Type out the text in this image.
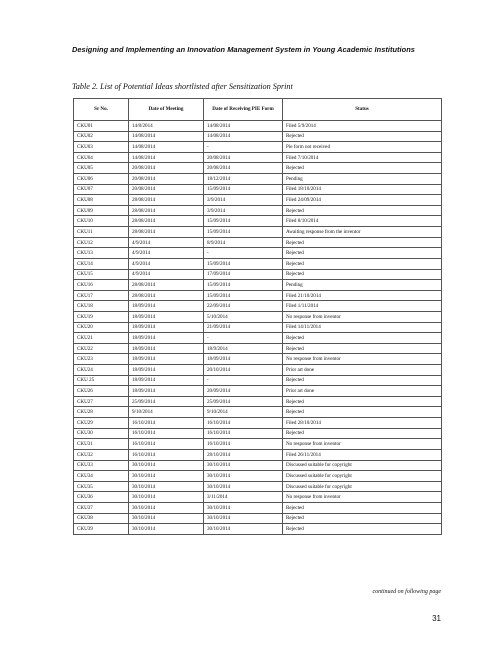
Designing and Implementing an Innovation Management System in Young Academic Institutions
Table 2. List of Potential Ideas shortlisted after Sensitization Sprint
Sr No.	Date of Meeting	Date of Receiving PIE Form	Status
CKU01	14/8/2014	14/08/2014	Filed 5/9/2014
CKU02	14/08/2014	14/08/2014	Rejected
CKU03	14/08/2014	-	Pie form not received
CKU04	14/08/2014	20/08/2014	Filed 7/10/2014
CKU05	20/08/2014	20/08/2014	Rejected
CKU06	20/08/2014	18/12/2014	Pending
CKU07	20/08/2014	15/09/2014	Filed 18/10/2014
CKU08	28/08/2014	3/9/2014	Filed 24/09/2014
CKU09	28/08/2014	3/9/2014	Rejected
CKU10	28/08/2014	15/09/2014	Filed 8/10/2014
CKU11	28/08/2014	15/09/2014	Awaiting response from the inventor
CKU12	4/9/2014	8/9/2014	Rejected
CKU13	4/9/2014	-	Rejected
CKU14	4/9/2014	15/09/2014	Rejected
CKU15	4/9/2014	17/09/2014	Rejected
CKU16	28/08/2014	15/09/2014	Pending
CKU17	28/08/2014	15/09/2014	Filed 21/10/2014
CKU18	18/09/2014	22/09/2014	Filed 1/11/2014
CKU19	18/09/2014	5/10/2014	No response from inventor
CKU20	18/09/2014	21/09/2014	Filed 14/11/2014
CKU21	18/09/2014	-	Rejected
CKU22	18/09/2014	18/9/2014	Rejected
CKU23	18/09/2014	18/09/2014	No response from inventor
CKU24	18/09/2014	20/10/2014	Prior art done
CKU 25	18/09/2014	-	Rejected
CKU26	18/09/2014	20/09/2014	Prior art done
CKU27	25/09/2014	25/09/2014	Rejected
CKU28	9/10/2014	9/10/2014	Rejected
CKU29	16/10/2014	16/10/2014	Filed 28/10/2014
CKU30	16/10/2014	16/10/2014	Rejected
CKU31	16/10/2014	16/10/2014	No response from inventor
CKU32	16/10/2014	28/10/2014	Filed 26/11/2014
CKU33	30/10/2014	30/10/2014	Discussed suitable for copyright
CKU34	30/10/2014	30/10/2014	Discussed suitable for copyright
CKU35	30/10/2014	30/10/2014	Discussed suitable for copyright
CKU36	30/10/2014	3/11/2014	No response from inventor
CKU37	30/10/2014	30/10/2014	Rejected
CKU38	30/10/2014	30/10/2014	Rejected
CKU39	30/10/2014	30/10/2014	Rejected
continued on following page
31
